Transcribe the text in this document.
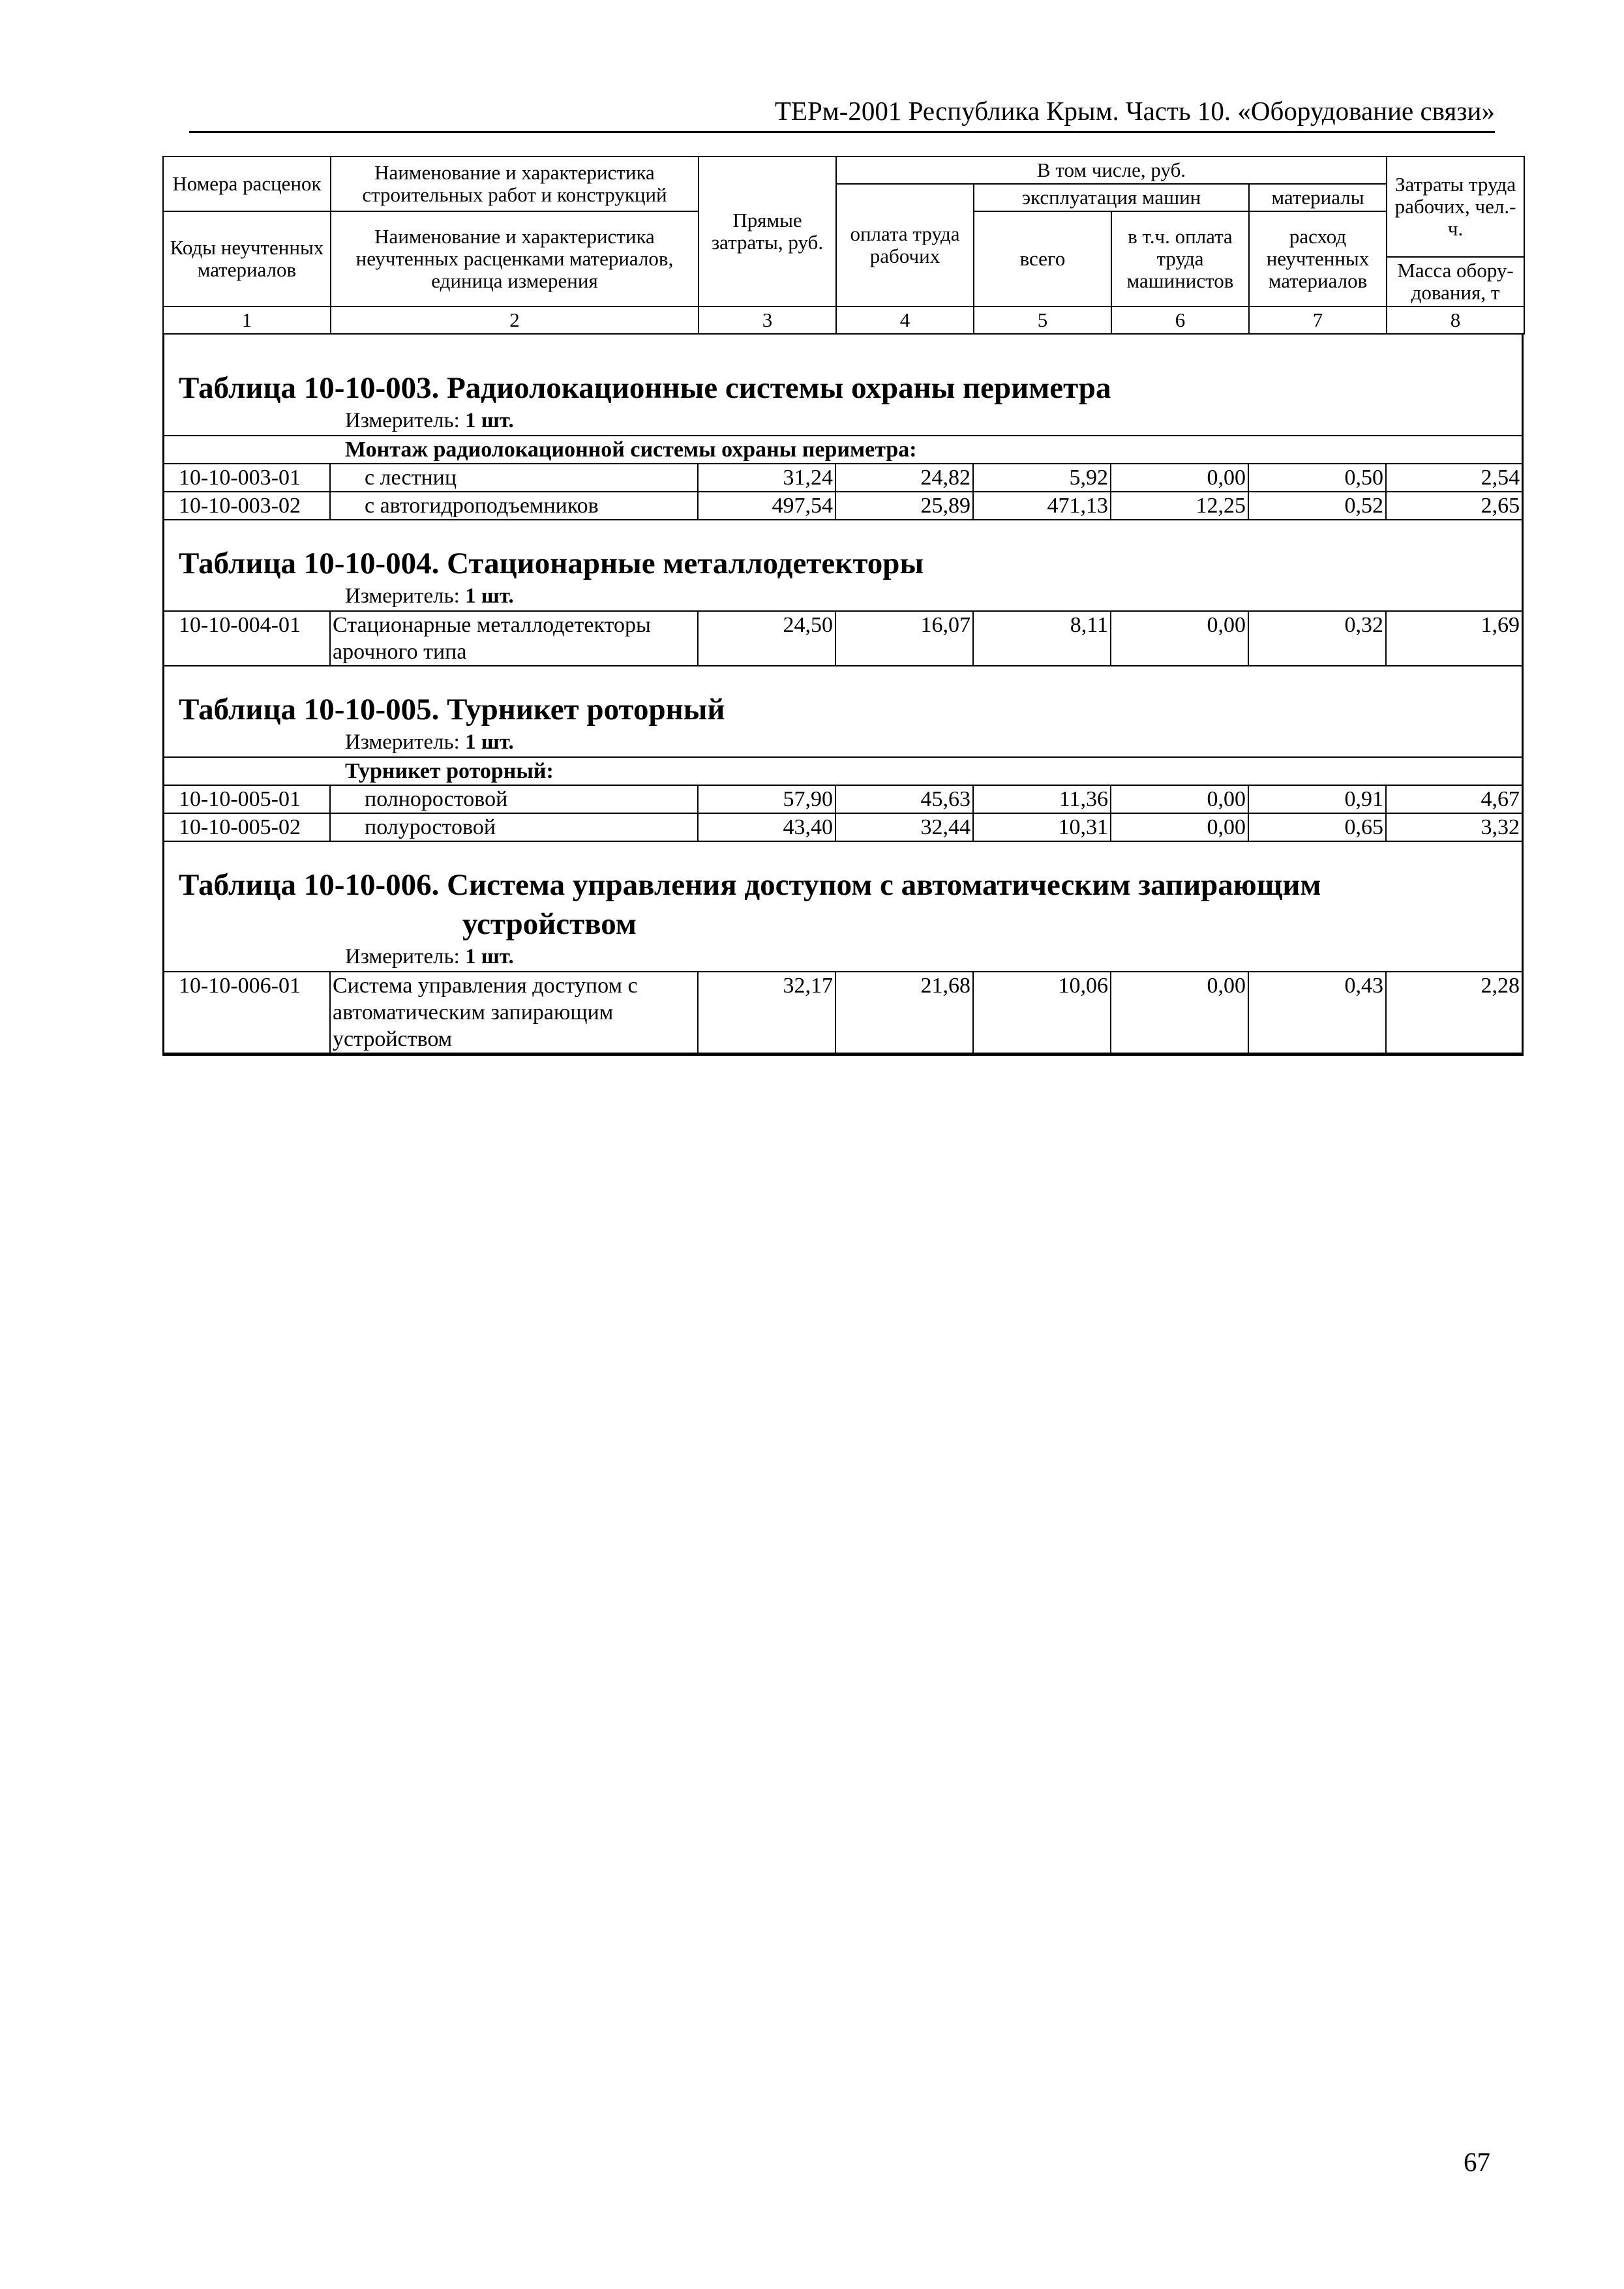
ТЕРм-2001 Республика Крым. Часть 10. «Оборудование связи»
Номера расценок	Наименование и характеристика строительных работ и конструкций	Прямые затраты, руб.	В том числе, руб.				Затраты труда рабочих, чел.-ч.
			оплата труда рабочих	эксплуатация машин		материалы	
Коды неучтенных материалов	Наименование и характеристика неучтенных расценками материалов, единица измерения			всего	в т.ч. оплата труда машинистов	расход неучтенных материалов	
							Масса обору-дования, т
1	2	3	4	5	6	7	8
Таблица 10-10-003. Радиолокационные системы охраны периметра
Измеритель: 1 шт.
Монтаж радиолокационной системы охраны периметра:							
10-10-003-01	с лестниц	31,24	24,82	5,92	0,00	0,50	2,54
10-10-003-02	с автогидроподъемников	497,54	25,89	471,13	12,25	0,52	2,65
Таблица 10-10-004. Стационарные металлодетекторы
Измеритель: 1 шт.
10-10-004-01	Стационарные металлодетекторы арочного типа	24,50	16,07	8,11	0,00	0,32	1,69
Таблица 10-10-005. Турникет роторный
Измеритель: 1 шт.
Турникет роторный:							
10-10-005-01	полноростовой	57,90	45,63	11,36	0,00	0,91	4,67
10-10-005-02	полуростовой	43,40	32,44	10,31	0,00	0,65	3,32
Таблица 10-10-006. Система управления доступом с автоматическим запирающим
устройством
Измеритель: 1 шт.
10-10-006-01	Система управления доступом с автоматическим запирающим устройством	32,17	21,68	10,06	0,00	0,43	2,28
67
